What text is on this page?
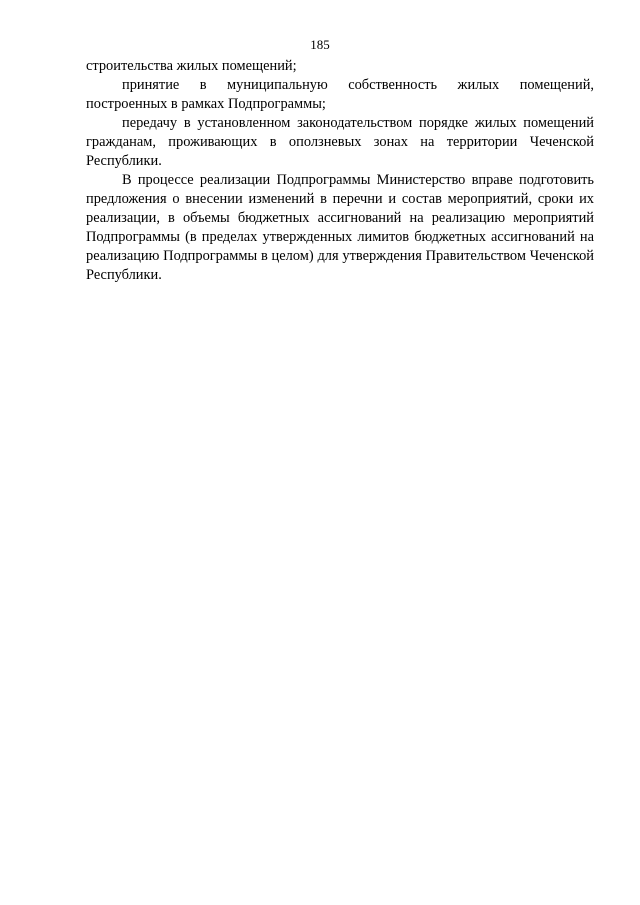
185

строительства жилых помещений;

принятие в муниципальную собственность жилых помещений, построенных в рамках Подпрограммы;

передачу в установленном законодательством порядке жилых помещений гражданам, проживающих в оползневых зонах на территории Чеченской Республики.

В процессе реализации Подпрограммы Министерство вправе подготовить предложения о внесении изменений в перечни и состав мероприятий, сроки их реализации, в объемы бюджетных ассигнований на реализацию мероприятий Подпрограммы (в пределах утвержденных лимитов бюджетных ассигнований на реализацию Подпрограммы в целом) для утверждения Правительством Чеченской Республики.
